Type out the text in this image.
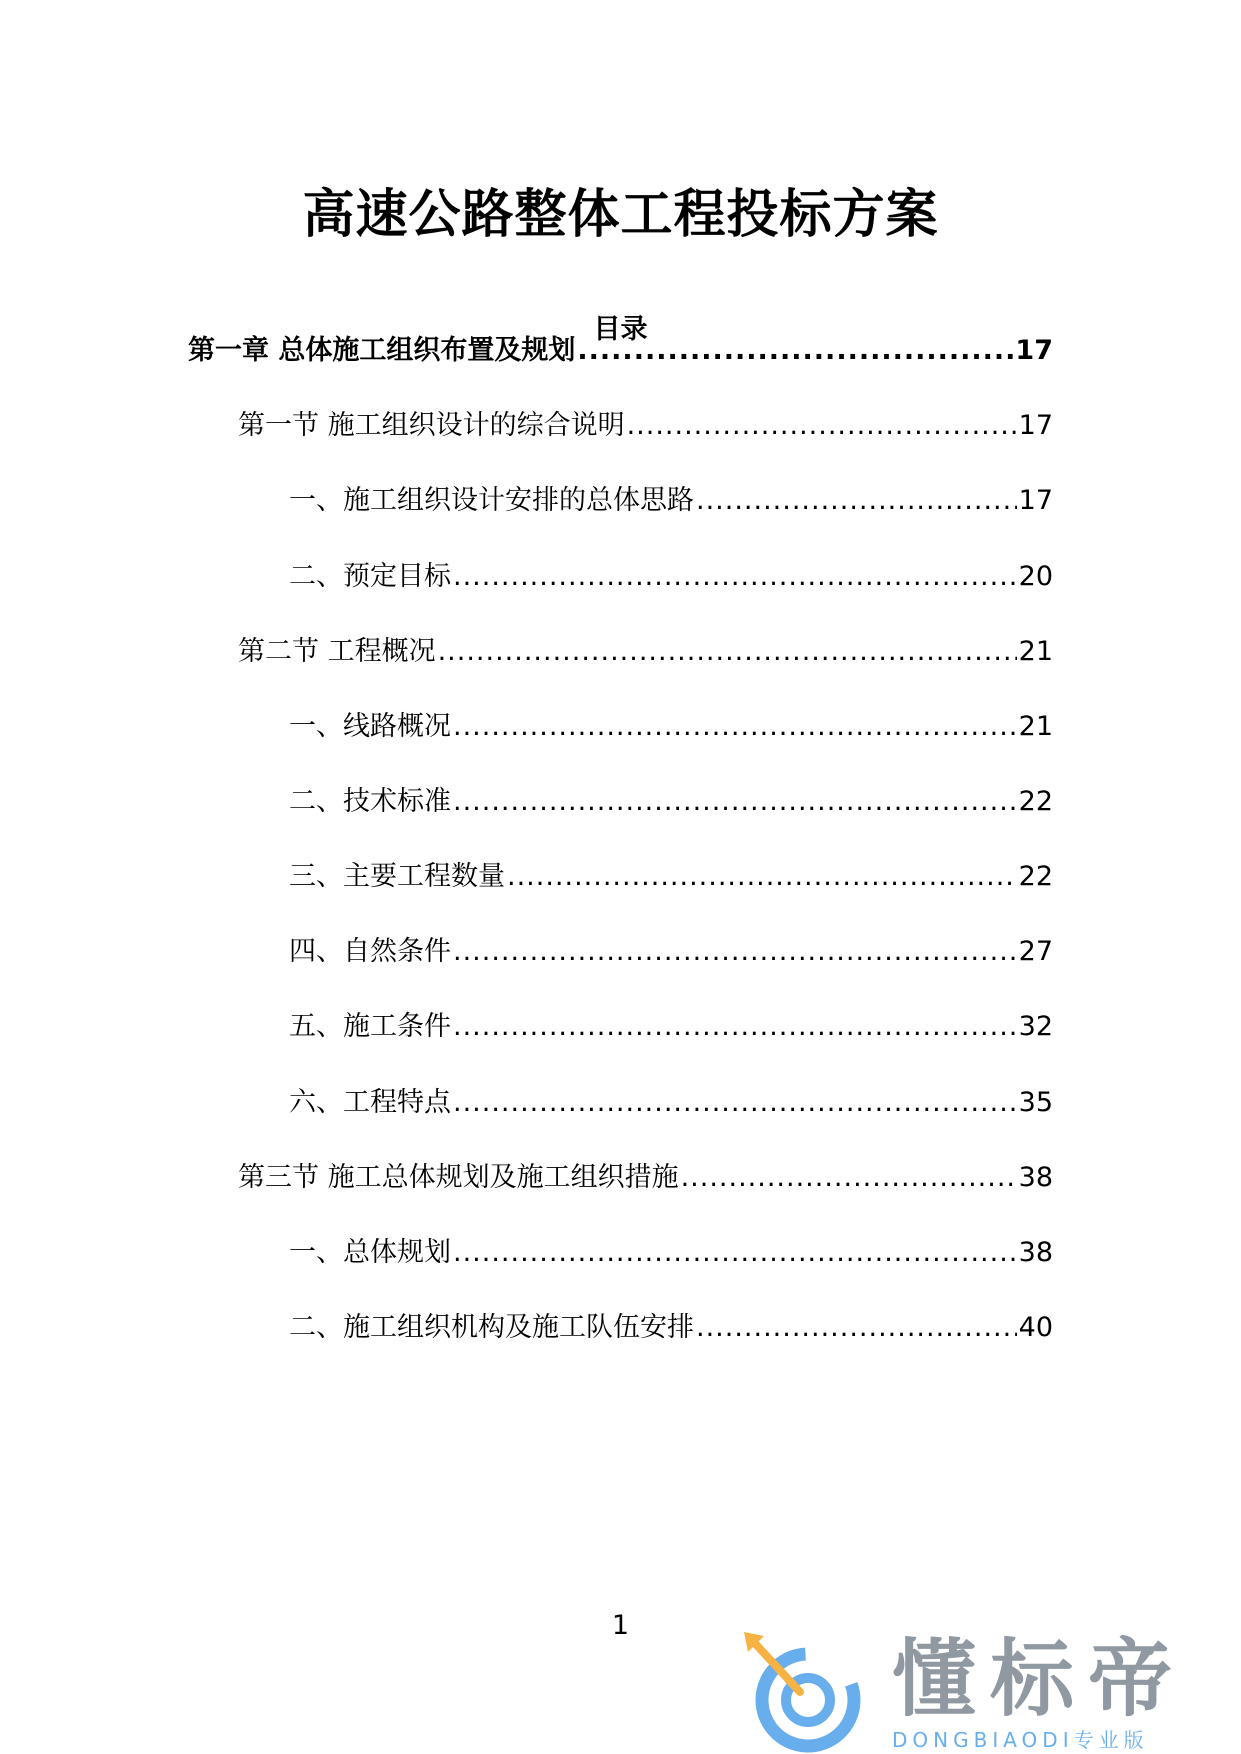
高速公路整体工程投标方案
目录
第一章 总体施工组织布置及规划 .....	17
第一节 施工组织设计的综合说明 .....	17
一、施工组织设计安排的总体思路 .....	17
二、预定目标 .....	20
第二节 工程概况 .....	21
一、线路概况 .....	21
二、技术标准 .....	22
三、主要工程数量 .....	22
四、自然条件 .....	27
五、施工条件 .....	32
六、工程特点 .....	35
第三节 施工总体规划及施工组织措施 .....	38
一、总体规划 .....	38
二、施工组织机构及施工队伍安排 .....	40
1
懂标帝
DONGBIAODI专业版
